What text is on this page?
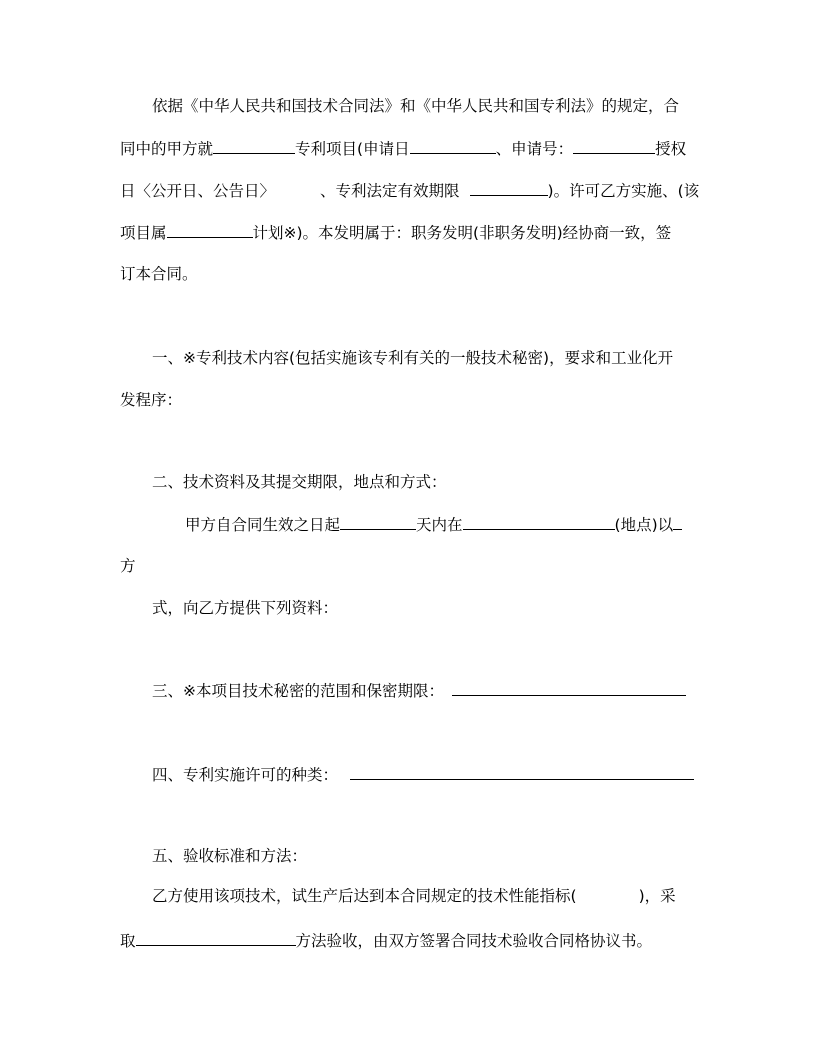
依据《中华人民共和国技术合同法》和《中华人民共和国专利法》的规定，合
同中的甲方就	专利项目(申请日	、申请号：	授权
日〈公开日、公告日〉	、专利法定有效期限	)。许可乙方实施、(该
项目属	计划※)。本发明属于：职务发明(非职务发明)经协商一致，签
订本合同。
一、※专利技术内容(包括实施该专利有关的一般技术秘密)，要求和工业化开
发程序：
二、技术资料及其提交期限，地点和方式：
甲方自合同生效之日起	天内在	(地点)以
方
式，向乙方提供下列资料：
三、※本项目技术秘密的范围和保密期限：
四、专利实施许可的种类：
五、验收标准和方法：
乙方使用该项技术，试生产后达到本合同规定的技术性能指标(	)，采
取	方法验收，由双方签署合同技术验收合同格协议书。
